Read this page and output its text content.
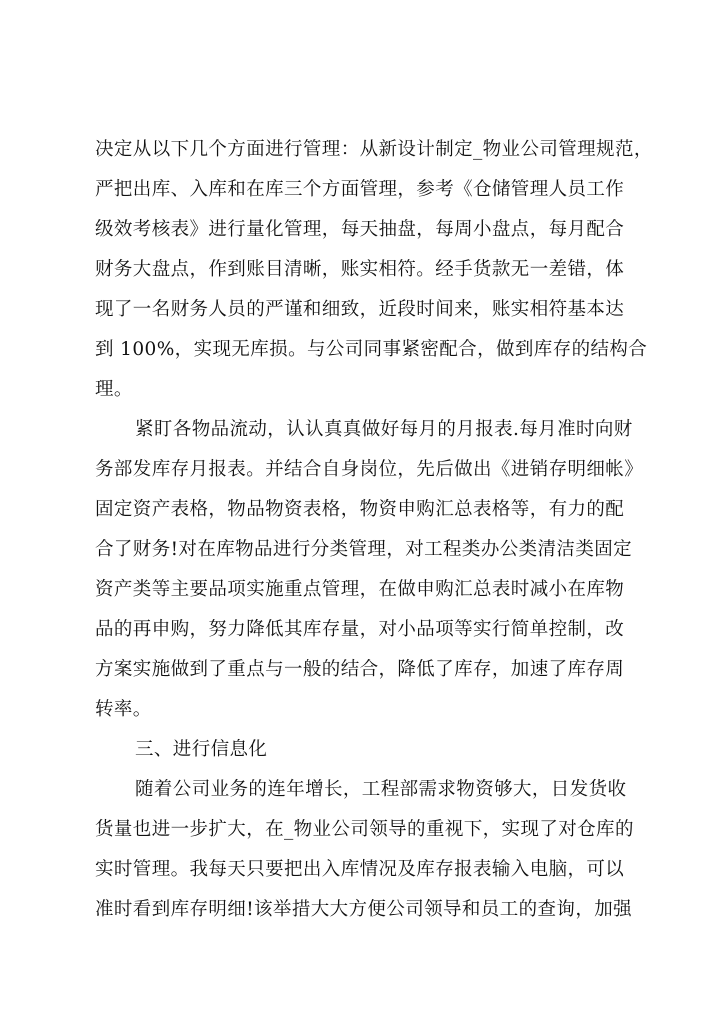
决定从以下几个方面进行管理：从新设计制定_物业公司管理规范，
严把出库、入库和在库三个方面管理，参考《仓储管理人员工作
级效考核表》进行量化管理，每天抽盘，每周小盘点，每月配合
财务大盘点，作到账目清晰，账实相符。经手货款无一差错，体
现了一名财务人员的严谨和细致，近段时间来，账实相符基本达
到 100%，实现无库损。与公司同事紧密配合，做到库存的结构合
理。
紧盯各物品流动，认认真真做好每月的月报表.每月准时向财
务部发库存月报表。并结合自身岗位，先后做出《进销存明细帐》
固定资产表格，物品物资表格，物资申购汇总表格等，有力的配
合了财务!对在库物品进行分类管理，对工程类办公类清洁类固定
资产类等主要品项实施重点管理，在做申购汇总表时减小在库物
品的再申购，努力降低其库存量，对小品项等实行简单控制，改
方案实施做到了重点与一般的结合，降低了库存，加速了库存周
转率。
三、进行信息化
随着公司业务的连年增长，工程部需求物资够大，日发货收
货量也进一步扩大，在_物业公司领导的重视下，实现了对仓库的
实时管理。我每天只要把出入库情况及库存报表输入电脑，可以
准时看到库存明细!该举措大大方便公司领导和员工的查询，加强
